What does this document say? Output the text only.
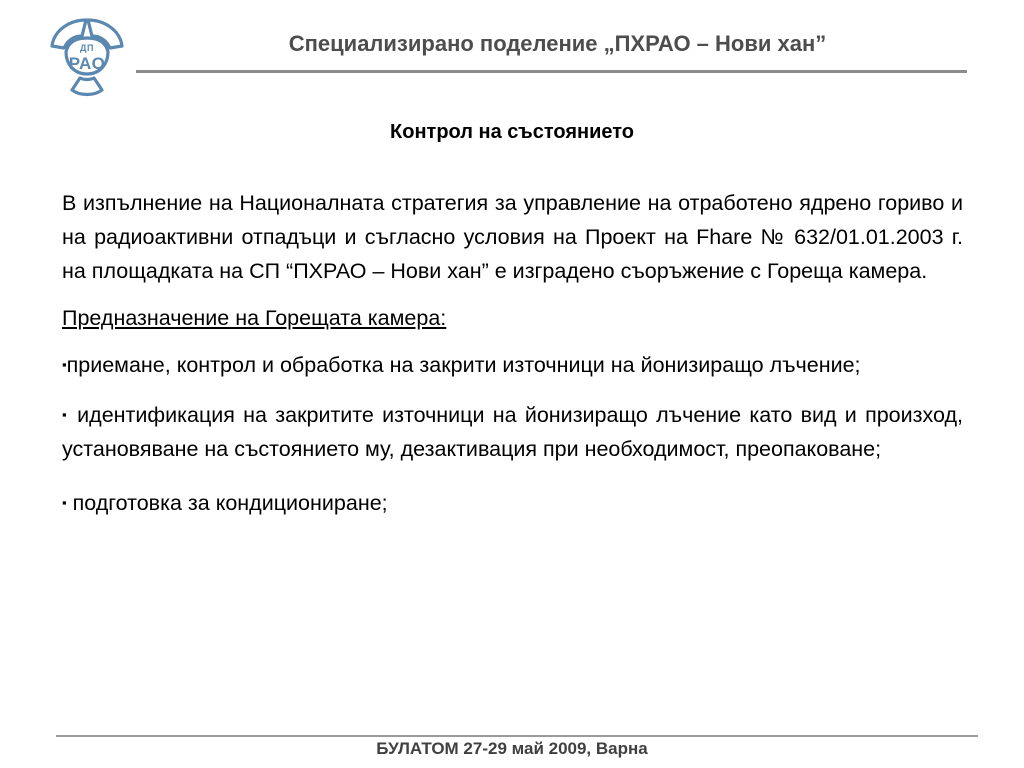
ДП
РАО
Специализирано поделение „ПХРАО – Нови хан”
Контрол на състоянието

В изпълнение на Националната стратегия за управление на отработено ядрено гориво и на радиоактивни отпадъци и съгласно условия на Проект на Fhare № 632/01.01.2003 г. на площадката на СП “ПХРАО – Нови хан” е изградено съоръжение с Гореща камера.

Предназначение на Горещата камера:

▪приемане, контрол и обработка на закрити източници на йонизиращо лъчение;

▪ идентификация на закритите източници на йонизиращо лъчение като вид и произход, установяване на състоянието му, дезактивация при необходимост, преопаковане;

▪ подготовка за кондициониране;

БУЛАТОМ 27-29 май 2009, Варна
